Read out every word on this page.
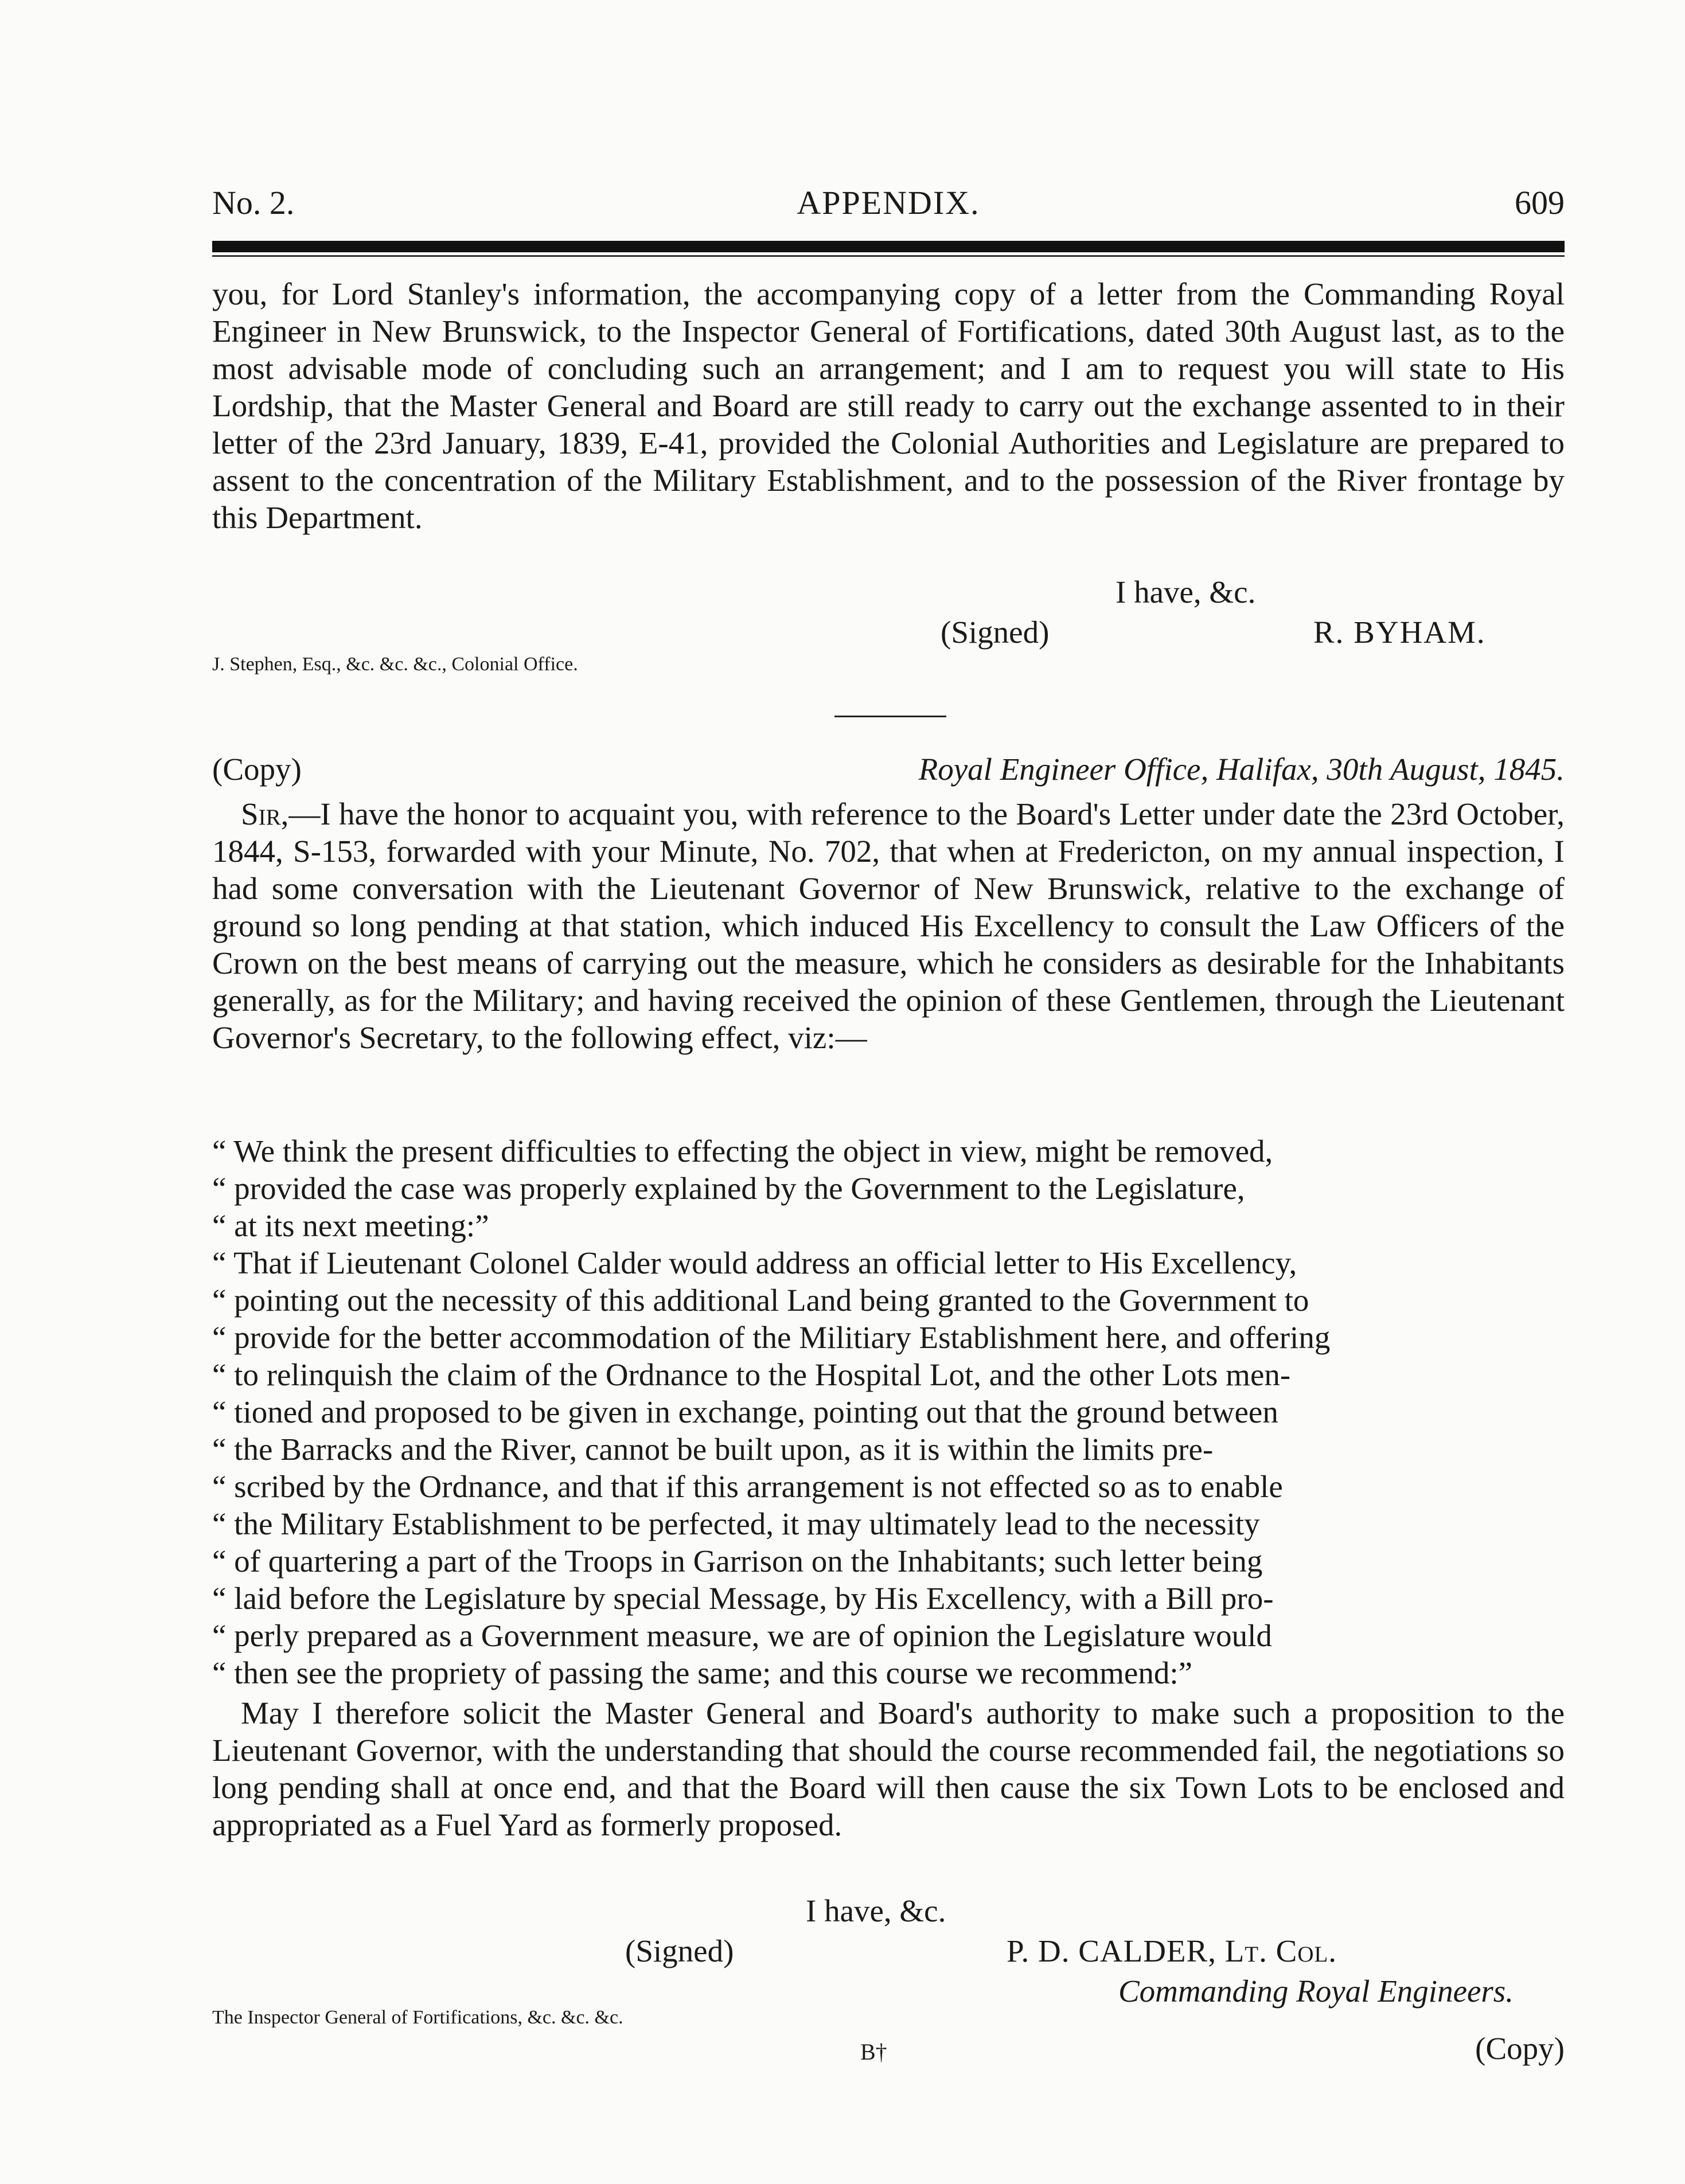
No. 2.	APPENDIX.	609
you, for Lord Stanley's information, the accompanying copy of a letter from the Commanding Royal Engineer in New Brunswick, to the Inspector General of Fortifications, dated 30th August last, as to the most advisable mode of concluding such an arrangement; and I am to request you will state to His Lordship, that the Master General and Board are still ready to carry out the exchange assented to in their letter of the 23rd January, 1839, E-41, provided the Colonial Authorities and Legislature are prepared to assent to the concentration of the Military Establishment, and to the possession of the River frontage by this Department.
I have, &c.
(Signed)	R. BYHAM.
J. Stephen, Esq., &c. &c. &c., Colonial Office.
(Copy)	Royal Engineer Office, Halifax, 30th August, 1845.
Sir,—I have the honor to acquaint you, with reference to the Board's Letter under date the 23rd October, 1844, S-153, forwarded with your Minute, No. 702, that when at Fredericton, on my annual inspection, I had some conversation with the Lieutenant Governor of New Brunswick, relative to the exchange of ground so long pending at that station, which induced His Excellency to consult the Law Officers of the Crown on the best means of carrying out the measure, which he considers as desirable for the Inhabitants generally, as for the Military; and having received the opinion of these Gentlemen, through the Lieutenant Governor's Secretary, to the following effect, viz:—

“ We think the present difficulties to effecting the object in view, might be removed,

“ provided the case was properly explained by the Government to the Legislature,

“ at its next meeting:”

“ That if Lieutenant Colonel Calder would address an official letter to His Excellency,

“ pointing out the necessity of this additional Land being granted to the Government to

“ provide for the better accommodation of the Militiary Establishment here, and offering

“ to relinquish the claim of the Ordnance to the Hospital Lot, and the other Lots men-

“ tioned and proposed to be given in exchange, pointing out that the ground between

“ the Barracks and the River, cannot be built upon, as it is within the limits pre-

“ scribed by the Ordnance, and that if this arrangement is not effected so as to enable

“ the Military Establishment to be perfected, it may ultimately lead to the necessity

“ of quartering a part of the Troops in Garrison on the Inhabitants; such letter being

“ laid before the Legislature by special Message, by His Excellency, with a Bill pro-

“ perly prepared as a Government measure, we are of opinion the Legislature would

“ then see the propriety of passing the same; and this course we recommend:”

May I therefore solicit the Master General and Board's authority to make such a proposition to the Lieutenant Governor, with the understanding that should the course recommended fail, the negotiations so long pending shall at once end, and that the Board will then cause the six Town Lots to be enclosed and appropriated as a Fuel Yard as formerly proposed.
I have, &c.
(Signed)	P. D. CALDER, Lt. Col.
Commanding Royal Engineers.
The Inspector General of Fortifications, &c. &c. &c.
B†	(Copy)
